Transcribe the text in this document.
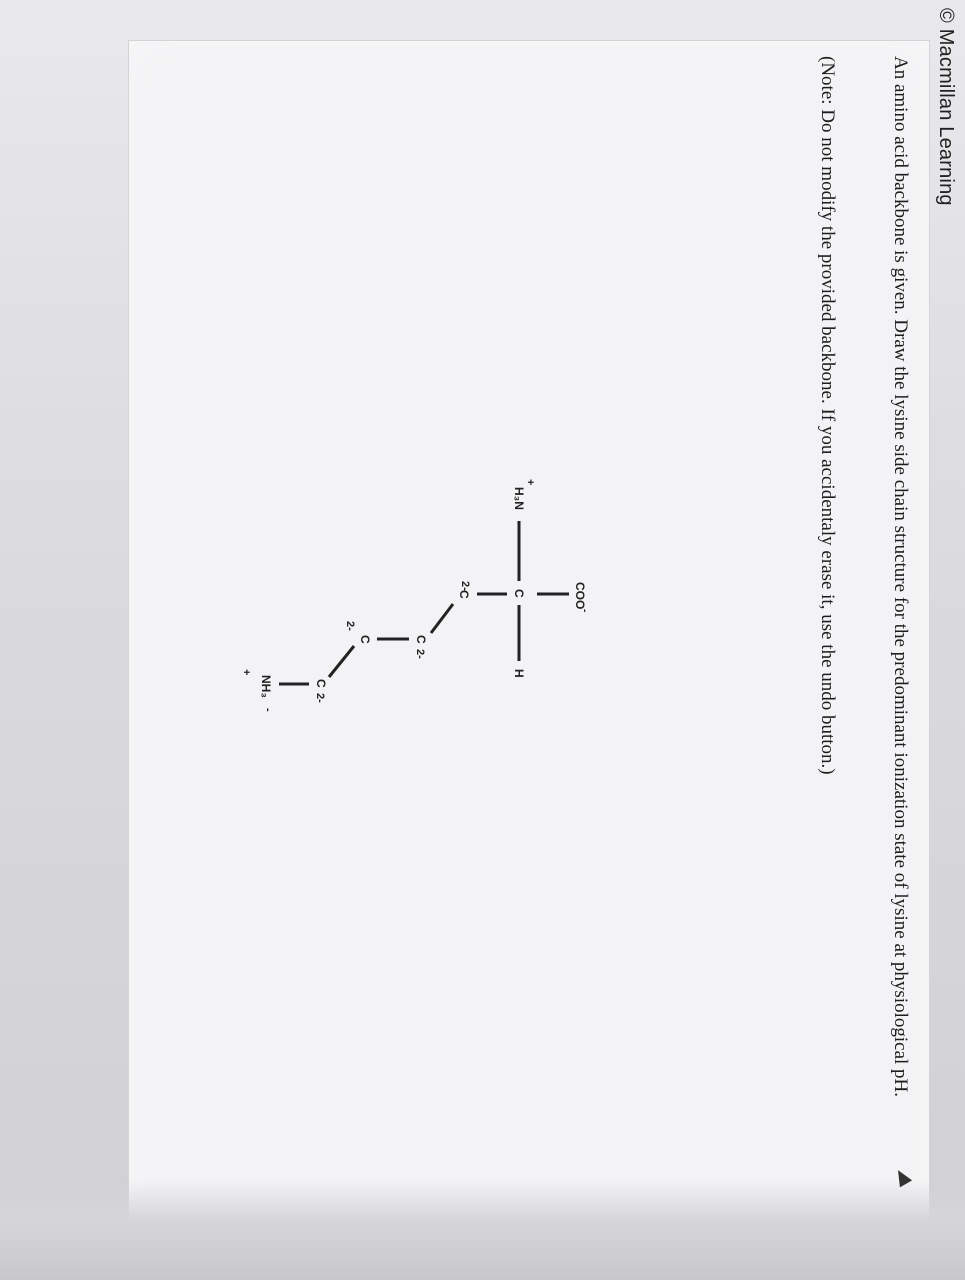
© Macmillan Learning
An amino acid backbone is given. Draw the lysine side chain structure for the predominant ionization state of lysine at physiological pH.
(Note: Do not modify the provided backbone. If you accidentaly erase it, use the undo button.)
COO
-
+
H₃N
C
H
2-
C
C
2-
C
2-
C
2-
NH₃
+
-
